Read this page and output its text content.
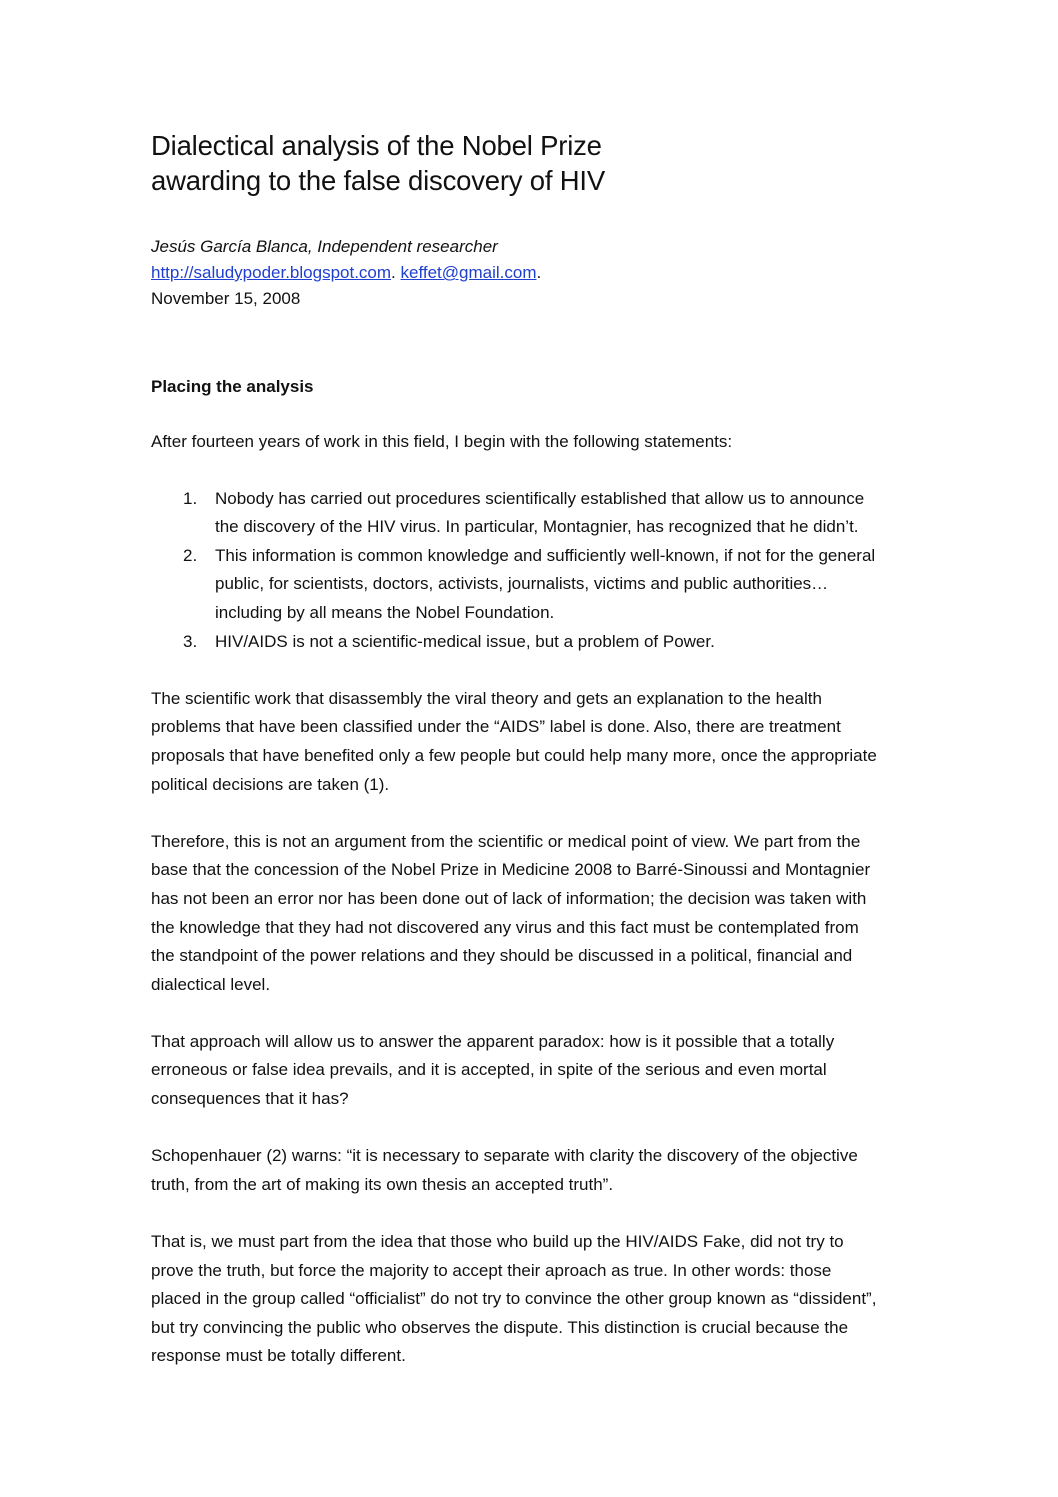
Dialectical analysis of the Nobel Prize
awarding to the false discovery of HIV
Jesús García Blanca, Independent researcher
http://saludypoder.blogspot.com. keffet@gmail.com.
November 15, 2008
Placing the analysis

After fourteen years of work in this field, I begin with the following statements:

1. Nobody has carried out procedures scientifically established that allow us to announce
the discovery of the HIV virus. In particular, Montagnier, has recognized that he didn’t.
2. This information is common knowledge and sufficiently well-known, if not for the general
public, for scientists, doctors, activists, journalists, victims and public authorities…
including by all means the Nobel Foundation.
3. HIV/AIDS is not a scientific-medical issue, but a problem of Power.

The scientific work that disassembly the viral theory and gets an explanation to the health
problems that have been classified under the “AIDS” label is done. Also, there are treatment
proposals that have benefited only a few people but could help many more, once the appropriate
political decisions are taken (1).

Therefore, this is not an argument from the scientific or medical point of view. We part from the
base that the concession of the Nobel Prize in Medicine 2008 to Barré-Sinoussi and Montagnier
has not been an error nor has been done out of lack of information; the decision was taken with
the knowledge that they had not discovered any virus and this fact must be contemplated from
the standpoint of the power relations and they should be discussed in a political, financial and
dialectical level.

That approach will allow us to answer the apparent paradox: how is it possible that a totally
erroneous or false idea prevails, and it is accepted, in spite of the serious and even mortal
consequences that it has?

Schopenhauer (2) warns: “it is necessary to separate with clarity the discovery of the objective
truth, from the art of making its own thesis an accepted truth”.

That is, we must part from the idea that those who build up the HIV/AIDS Fake, did not try to
prove the truth, but force the majority to accept their aproach as true. In other words: those
placed in the group called “officialist” do not try to convince the other group known as “dissident”,
but try convincing the public who observes the dispute. This distinction is crucial because the
response must be totally different.
